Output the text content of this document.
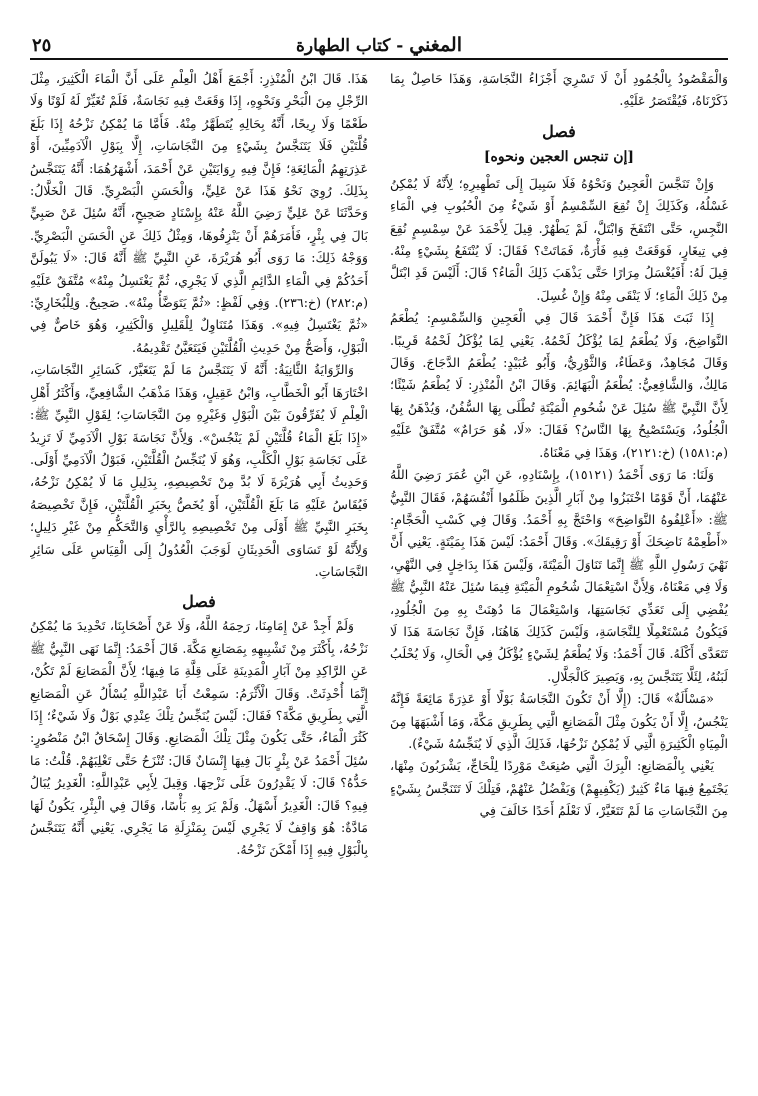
المغني - كتاب الطهارة
٢٥

وَالْمَقْصُودُ بِالْجُمُودِ أَنْ لَا تَسْرِيَ أَجْزَاءُ النَّجَاسَةِ، وَهَذَا حَاصِلٌ بِمَا ذَكَرْنَاهُ، فَيُقْتَصَرُ عَلَيْهِ.

فصل
[إن تنجس العجين ونحوه]

وَإِنْ تَنَجَّسَ الْعَجِينُ وَنَحْوُهُ فَلَا سَبِيلَ إِلَى تَطْهِيرِهِ؛ لِأَنَّهُ لَا يُمْكِنُ غَسْلُهُ، وَكَذَلِكَ إِنْ نُقِعَ السِّمْسِمُ أَوْ شَيْءٌ مِنَ الْحُبُوبِ فِي الْمَاءِ النَّجِسِ، حَتَّى انْتَفَخَ وَابْتَلَّ، لَمْ يَطْهُرْ. قِيلَ لِأَحْمَدَ عَنْ سِمْسِمٍ نُقِعَ فِي تِيغَارٍ، فَوَقَعَتْ فِيهِ فَأْرَةٌ، فَمَاتَتْ؟ فَقَالَ: لَا يُنْتَفَعُ بِشَيْءٍ مِنْهُ. قِيلَ لَهُ: أَفَيُغْسَلُ مِرَارًا حَتَّى يَذْهَبَ ذَلِكَ الْمَاءُ؟ قَالَ: أَلَيْسَ قَدِ ابْتَلَّ مِنْ ذَلِكَ الْمَاءِ؛ لَا يَنْقَى مِنْهُ وَإِنْ غُسِلَ.

إِذَا ثَبَتَ هَذَا فَإِنَّ أَحْمَدَ قَالَ فِي الْعَجِينِ وَالسِّمْسِمِ: يُطْعَمُ النَّوَاضِحَ، وَلَا يُطْعَمُ لِمَا يُؤْكَلُ لَحْمُهُ. يَعْنِي لِمَا يُؤْكَلُ لَحْمُهُ قَرِيبًا. وَقَالَ مُجَاهِدٌ، وَعَطَاءٌ، وَالثَّوْرِيُّ، وَأَبُو عُبَيْدٍ: يُطْعَمُ الدَّجَاجَ. وَقَالَ مَالِكٌ، وَالشَّافِعِيُّ: يُطْعَمُ الْبَهَائِمَ. وَقَالَ ابْنُ الْمُنْذِرِ: لَا يُطْعَمُ شَيْئًا؛ لِأَنَّ النَّبِيَّ ﷺ سُئِلَ عَنْ شُحُومِ الْمَيْتَةِ تُطْلَى بِهَا السُّفُنُ، وَيُدْهَنُ بِهَا الْجُلُودُ، وَيَسْتَصْبِحُ بِهَا النَّاسُ؟ فَقَالَ: «لَا، هُوَ حَرَامٌ» مُتَّفَقٌ عَلَيْهِ (م:١٥٨١) (خ:٢١٢١)، وَهَذَا فِي مَعْنَاهُ.

وَلَنَا: مَا رَوَى أَحْمَدُ (١٥١٢١)، بِإِسْنَادِهِ، عَنِ ابْنِ عُمَرَ رَضِيَ اللَّهُ عَنْهُمَا، أَنَّ قَوْمًا اخْتَبَزُوا مِنْ آبَارِ الَّذِينَ ظَلَمُوا أَنْفُسَهُمْ، فَقَالَ النَّبِيُّ ﷺ: «أَعْلِفُوهُ النَّوَاضِحَ» وَاحْتَجَّ بِهِ أَحْمَدُ. وَقَالَ فِي كَسْبِ الْحَجَّامِ: «أَطْعِمْهُ نَاضِحَكَ أَوْ رَقِيقَكَ». وَقَالَ أَحْمَدُ: لَيْسَ هَذَا بِمَيْتَةٍ. يَعْنِي أَنَّ نَهْيَ رَسُولِ اللَّهِ ﷺ إِنَّمَا تَنَاوَلَ الْمَيْتَةَ، وَلَيْسَ هَذَا بِدَاخِلٍ فِي النَّهْيِ، وَلَا فِي مَعْنَاهُ، وَلِأَنَّ اسْتِعْمَالَ شُحُومِ الْمَيْتَةِ فِيمَا سُئِلَ عَنْهُ النَّبِيُّ ﷺ يُفْضِي إِلَى تَعَدِّي نَجَاسَتِهَا، وَاسْتِعْمَالَ مَا دُهِنَتْ بِهِ مِنَ الْجُلُودِ، فَيَكُونُ مُسْتَعْمِلًا لِلنَّجَاسَةِ، وَلَيْسَ كَذَلِكَ هَاهُنَا، فَإِنَّ نَجَاسَةَ هَذَا لَا تَتَعَدَّى أَكْلَهُ. قَالَ أَحْمَدُ: وَلَا يُطْعَمُ لِشَيْءٍ يُؤْكَلُ فِي الْحَالِ، وَلَا يُحْلَبُ لَبَنُهُ، لِئَلَّا يَتَنَجَّسَ بِهِ، وَيَصِيرَ كَالْجَلَّالِ.

«مَسْأَلَةٌ» قَالَ: (إِلَّا أَنْ تَكُونَ النَّجَاسَةُ بَوْلًا أَوْ عَذِرَةً مَائِعَةً فَإِنَّهُ يَنْجُسُ، إِلَّا أَنْ يَكُونَ مِثْلَ الْمَصَانِعِ الَّتِي بِطَرِيقِ مَكَّةَ، وَمَا أَشْبَهَهَا مِنَ الْمِيَاهِ الْكَثِيرَةِ الَّتِي لَا يُمْكِنُ نَزْحُهَا، فَذَلِكَ الَّذِي لَا يُنَجِّسُهُ شَيْءٌ).

يَعْنِي بِالْمَصَانِعِ: الْبِرَكَ الَّتِي صُنِعَتْ مَوْرِدًا لِلْحَاجِّ، يَشْرَبُونَ مِنْهَا، يَجْتَمِعُ فِيهَا مَاءٌ كَثِيرٌ (يَكْفِيهِمْ) وَيَفْضُلُ عَنْهُمْ، فَتِلْكَ لَا تَتَنَجَّسُ بِشَيْءٍ مِنَ النَّجَاسَاتِ مَا لَمْ تَتَغَيَّرْ، لَا نَعْلَمُ أَحَدًا خَالَفَ فِي

هَذَا. قَالَ ابْنُ الْمُنْذِرِ: أَجْمَعَ أَهْلُ الْعِلْمِ عَلَى أَنَّ الْمَاءَ الْكَثِيرَ، مِثْلَ الرِّجْلِ مِنَ الْبَحْرِ وَنَحْوِهِ، إِذَا وَقَعَتْ فِيهِ نَجَاسَةٌ، فَلَمْ تُغَيِّرْ لَهُ لَوْنًا وَلَا طَعْمًا وَلَا رِيحًا، أَنَّهُ بِحَالِهِ يُتَطَهَّرُ مِنْهُ. فَأَمَّا مَا يُمْكِنُ نَزْحُهُ إِذَا بَلَغَ قُلَّتَيْنِ فَلَا يَتَنَجَّسُ بِشَيْءٍ مِنَ النَّجَاسَاتِ، إِلَّا بِبَوْلِ الْآدَمِيِّينَ، أَوْ عَذِرَتِهِمُ الْمَائِعَةِ؛ فَإِنَّ فِيهِ رِوَايَتَيْنِ عَنْ أَحْمَدَ، أَشْهَرُهُمَا: أَنَّهُ يَتَنَجَّسُ بِذَلِكَ. رُوِيَ نَحْوُ هَذَا عَنْ عَلِيٍّ، وَالْحَسَنِ الْبَصْرِيِّ. قَالَ الْخَلَّالُ: وَحَدَّثَنَا عَنْ عَلِيٍّ رَضِيَ اللَّهُ عَنْهُ بِإِسْنَادٍ صَحِيحٍ، أَنَّهُ سُئِلَ عَنْ صَبِيٍّ بَالَ فِي بِئْرٍ، فَأَمَرَهُمْ أَنْ يَنْزِفُوهَا، وَمِثْلُ ذَلِكَ عَنِ الْحَسَنِ الْبَصْرِيِّ. وَوَجْهُ ذَلِكَ: مَا رَوَى أَبُو هُرَيْرَةَ، عَنِ النَّبِيِّ ﷺ أَنَّهُ قَالَ: «لَا يَبُولَنَّ أَحَدُكُمْ فِي الْمَاءِ الدَّائِمِ الَّذِي لَا يَجْرِي، ثُمَّ يَغْتَسِلُ مِنْهُ» مُتَّفَقٌ عَلَيْهِ (م:٢٨٢) (خ:٢٣٦). وَفِي لَفْظٍ: «ثُمَّ يَتَوَضَّأُ مِنْهُ». صَحِيحٌ. وَلِلْبُخَارِيِّ: «ثُمَّ يَغْتَسِلُ فِيهِ». وَهَذَا مُتَنَاوِلٌ لِلْقَلِيلِ وَالْكَثِيرِ، وَهُوَ خَاصٌّ فِي الْبَوْلِ، وَأَصَحُّ مِنْ حَدِيثِ الْقُلَّتَيْنِ فَيَتَعَيَّنُ تَقْدِيمُهُ.

وَالرِّوَايَةُ الثَّانِيَةُ: أَنَّهُ لَا يَتَنَجَّسُ مَا لَمْ يَتَغَيَّرْ، كَسَائِرِ النَّجَاسَاتِ، اخْتَارَهَا أَبُو الْخَطَّابِ، وَابْنُ عَقِيلٍ، وَهَذَا مَذْهَبُ الشَّافِعِيِّ، وَأَكْثَرُ أَهْلِ الْعِلْمِ لَا يُفَرِّقُونَ بَيْنَ الْبَوْلِ وَغَيْرِهِ مِنَ النَّجَاسَاتِ؛ لِقَوْلِ النَّبِيِّ ﷺ: «إِذَا بَلَغَ الْمَاءُ قُلَّتَيْنِ لَمْ يَنْجُسْ». وَلِأَنَّ نَجَاسَةَ بَوْلِ الْآدَمِيِّ لَا تَزِيدُ عَلَى نَجَاسَةِ بَوْلِ الْكَلْبِ، وَهُوَ لَا يُنَجِّسُ الْقُلَّتَيْنِ، فَبَوْلُ الْآدَمِيِّ أَوْلَى. وَحَدِيثُ أَبِي هُرَيْرَةَ لَا بُدَّ مِنْ تَخْصِيصِهِ، بِدَلِيلِ مَا لَا يُمْكِنُ نَزْحُهُ، فَيُقَاسُ عَلَيْهِ مَا بَلَغَ الْقُلَّتَيْنِ، أَوْ يُخَصُّ بِخَبَرِ الْقُلَّتَيْنِ، فَإِنَّ تَخْصِيصَهُ بِخَبَرِ النَّبِيِّ ﷺ أَوْلَى مِنْ تَخْصِيصِهِ بِالرَّأْيِ وَالتَّحَكُّمِ مِنْ غَيْرِ دَلِيلٍ؛ وَلِأَنَّهُ لَوْ تَسَاوَى الْحَدِيثَانِ لَوَجَبَ الْعُدُولُ إِلَى الْقِيَاسِ عَلَى سَائِرِ النَّجَاسَاتِ.

فصل

وَلَمْ أَجِدْ عَنْ إِمَامِنَا، رَحِمَهُ اللَّهُ، وَلَا عَنْ أَصْحَابِنَا، تَحْدِيدَ مَا يُمْكِنُ نَزْحُهُ، بِأَكْثَرَ مِنْ تَشْبِيهِهِ بِمَصَانِعِ مَكَّةَ. قَالَ أَحْمَدُ: إِنَّمَا نَهَى النَّبِيُّ ﷺ عَنِ الرَّاكِدِ مِنْ آبَارِ الْمَدِينَةِ عَلَى قِلَّةِ مَا فِيهَا؛ لِأَنَّ الْمَصَانِعَ لَمْ تَكُنْ، إِنَّمَا أُحْدِثَتْ. وَقَالَ الْأَثْرَمُ: سَمِعْتُ أَبَا عَبْدِاللَّهِ يُسْأَلُ عَنِ الْمَصَانِعِ الَّتِي بِطَرِيقِ مَكَّةَ؟ فَقَالَ: لَيْسَ يُنَجِّسُ تِلْكَ عِنْدِي بَوْلٌ وَلَا شَيْءٌ؛ إِذَا كَثُرَ الْمَاءُ، حَتَّى يَكُونَ مِثْلَ تِلْكَ الْمَصَانِعِ. وَقَالَ إِسْحَاقُ ابْنُ مَنْصُورٍ: سُئِلَ أَحْمَدُ عَنْ بِئْرٍ بَالَ فِيهَا إِنْسَانٌ قَالَ: تُنْزَحُ حَتَّى تَغْلِبَهُمْ. قُلْتُ: مَا حَدُّهُ؟ قَالَ: لَا يَقْدِرُونَ عَلَى نَزْحِهَا. وَقِيلَ لِأَبِي عَبْدِاللَّهِ: الْغَدِيرُ يُبَالُ فِيهِ؟ قَالَ: الْغَدِيرُ أَسْهَلُ. وَلَمْ يَرَ بِهِ بَأْسًا، وَقَالَ فِي الْبِئْرِ، يَكُونُ لَهَا مَادَّةٌ: هُوَ وَاقِفٌ لَا يَجْرِي لَيْسَ بِمَنْزِلَةِ مَا يَجْرِي. يَعْنِي أَنَّهُ يَتَنَجَّسُ بِالْبَوْلِ فِيهِ إِذَا أَمْكَنَ نَزْحُهُ.
